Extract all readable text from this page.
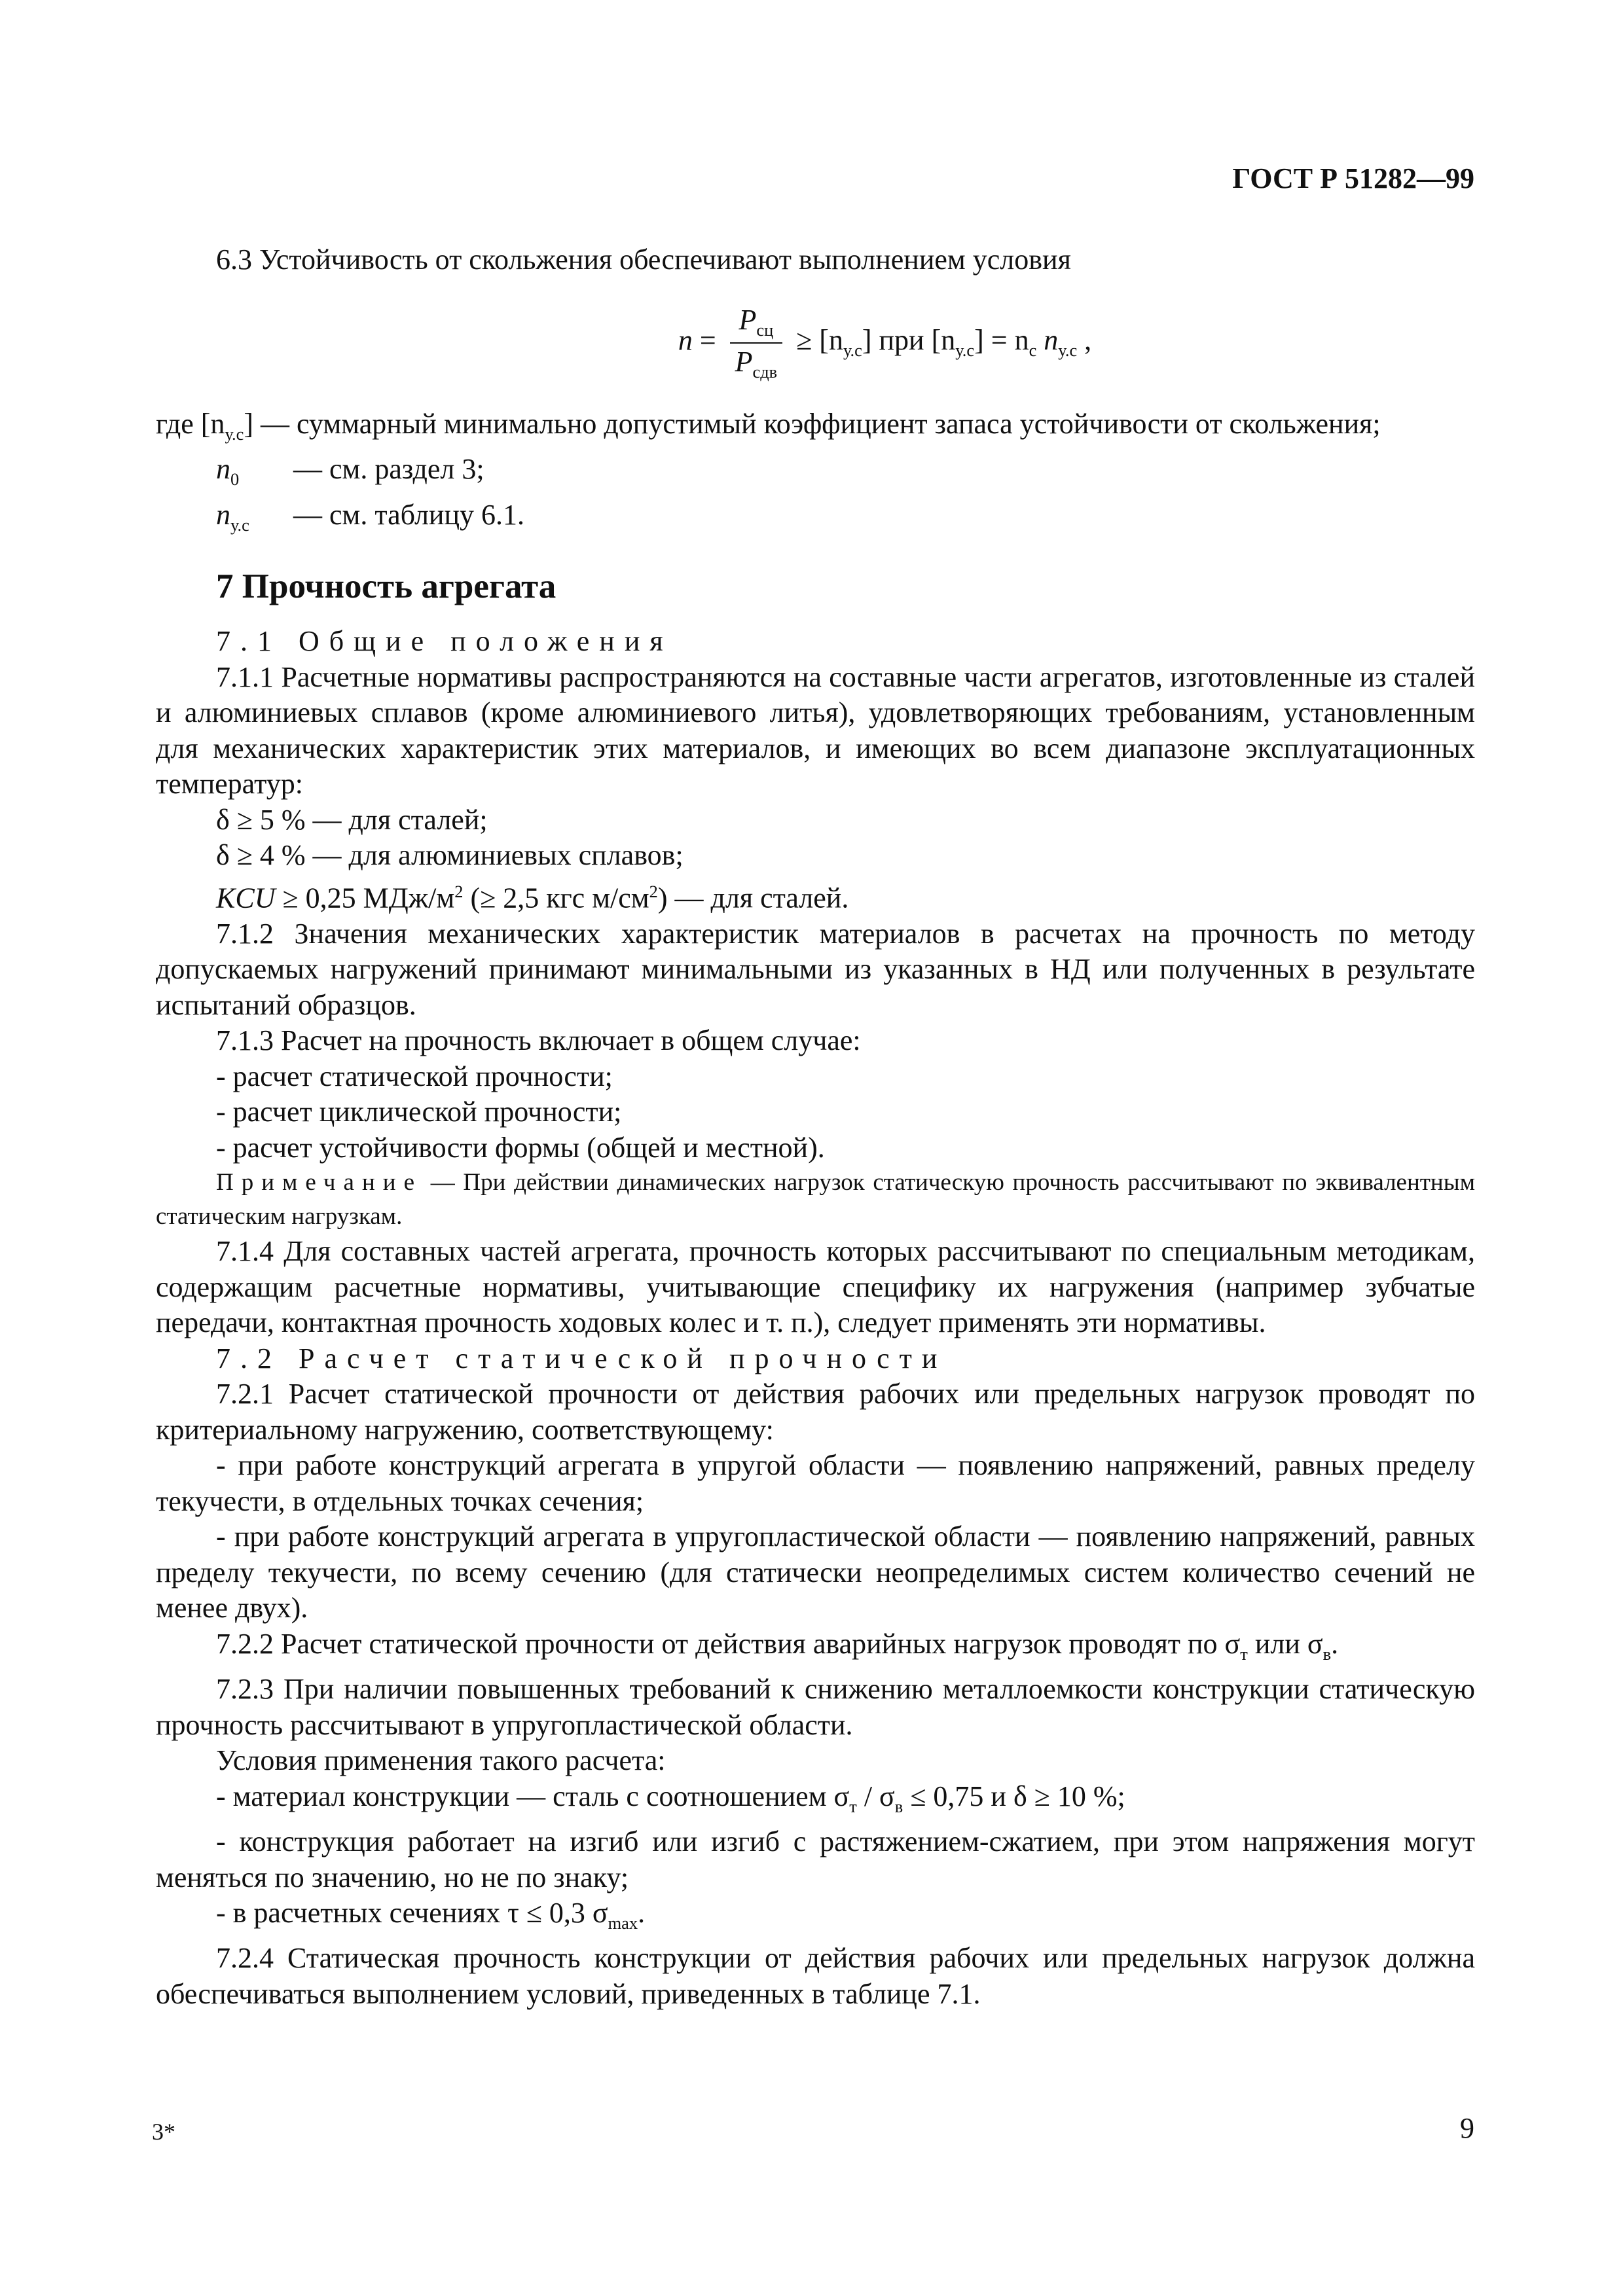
ГОСТ Р 51282—99

6.3 Устойчивость от скольжения обеспечивают выполнением условия

$n = \frac{P_{сц}}{P_{сдв}} \ge [n_{у.с}]$ при $[n_{у.с}] = n_с$ $n_{у.с}$ ,

где $[n_{у.с}]$ — суммарный минимально допустимый коэффициент запаса устойчивости от скольжения;

$n_0$	— см. раздел 3;
$n_{у.с}$	— см. таблицу 6.1.
7 Прочность агрегата

7.1 Общие положения

7.1.1 Расчетные нормативы распространяются на составные части агрегатов, изготовленные из сталей и алюминиевых сплавов (кроме алюминиевого литья), удовлетворяющих требованиям, установленным для механических характеристик этих материалов, и имеющих во всем диапазоне эксплуатационных температур:

δ ≥ 5 % — для сталей;

δ ≥ 4 % — для алюминиевых сплавов;

KCU ≥ 0,25 МДж/$м^2$ (≥ 2,5 кгс $м/см^2$) — для сталей.

7.1.2 Значения механических характеристик материалов в расчетах на прочность по методу допускаемых нагружений принимают минимальными из указанных в НД или полученных в результате испытаний образцов.

7.1.3 Расчет на прочность включает в общем случае:

- расчет статической прочности;

- расчет циклической прочности;

- расчет устойчивости формы (общей и местной).

Примечание — При действии динамических нагрузок статическую прочность рассчитывают по эквивалентным статическим нагрузкам.

7.1.4 Для составных частей агрегата, прочность которых рассчитывают по специальным методикам, содержащим расчетные нормативы, учитывающие специфику их нагружения (например зубчатые передачи, контактная прочность ходовых колес и т. п.), следует применять эти нормативы.

7.2 Расчет статической прочности

7.2.1 Расчет статической прочности от действия рабочих или предельных нагрузок проводят по критериальному нагружению, соответствующему:

- при работе конструкций агрегата в упругой области — появлению напряжений, равных пределу текучести, в отдельных точках сечения;

- при работе конструкций агрегата в упругопластической области — появлению напряжений, равных пределу текучести, по всему сечению (для статически неопределимых систем количество сечений не менее двух).

7.2.2 Расчет статической прочности от действия аварийных нагрузок проводят по $\sigma_т$ или $\sigma_в$.

7.2.3 При наличии повышенных требований к снижению металлоемкости конструкции статическую прочность рассчитывают в упругопластической области.

Условия применения такого расчета:

- материал конструкции — сталь с соотношением $\sigma_т / \sigma_в \le 0,75$ и δ ≥ 10 %;

- конструкция работает на изгиб или изгиб с растяжением-сжатием, при этом напряжения могут меняться по значению, но не по знаку;

- в расчетных сечениях τ ≤ 0,3 $\sigma_{max}$.

7.2.4 Статическая прочность конструкции от действия рабочих или предельных нагрузок должна обеспечиваться выполнением условий, приведенных в таблице 7.1.

3*	9
